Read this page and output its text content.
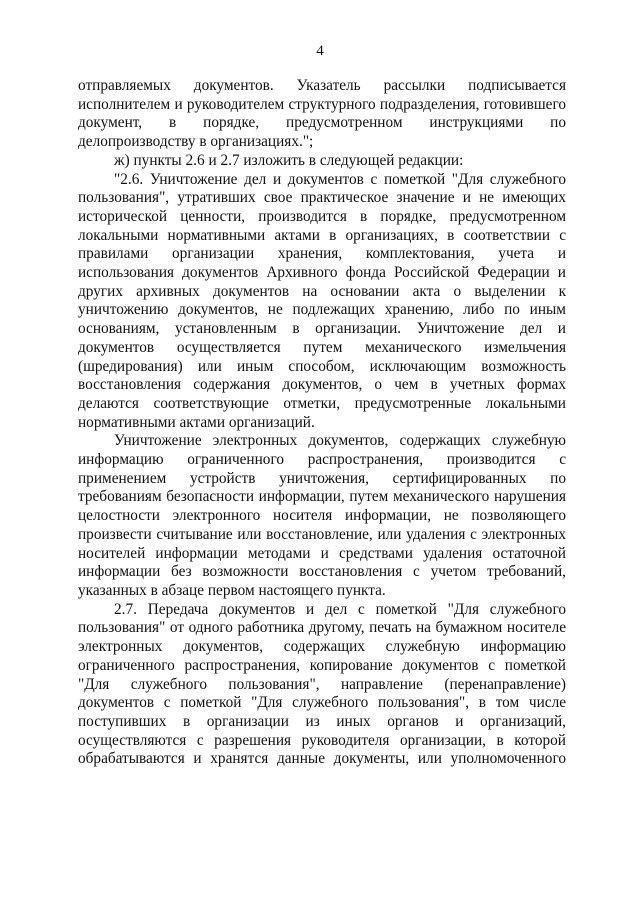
4

отправляемых документов. Указатель рассылки подписывается исполнителем и руководителем структурного подразделения, готовившего документ, в порядке, предусмотренном инструкциями по делопроизводству в организациях.";

ж) пункты 2.6 и 2.7 изложить в следующей редакции:

"2.6. Уничтожение дел и документов с пометкой "Для служебного пользования", утративших свое практическое значение и не имеющих исторической ценности, производится в порядке, предусмотренном локальными нормативными актами в организациях, в соответствии с правилами организации хранения, комплектования, учета и использования документов Архивного фонда Российской Федерации и других архивных документов на основании акта о выделении к уничтожению документов, не подлежащих хранению, либо по иным основаниям, установленным в организации. Уничтожение дел и документов осуществляется путем механического измельчения (шредирования) или иным способом, исключающим возможность восстановления содержания документов, о чем в учетных формах делаются соответствующие отметки, предусмотренные локальными нормативными актами организаций.

Уничтожение электронных документов, содержащих служебную информацию ограниченного распространения, производится с применением устройств уничтожения, сертифицированных по требованиям безопасности информации, путем механического нарушения целостности электронного носителя информации, не позволяющего произвести считывание или восстановление, или удаления с электронных носителей информации методами и средствами удаления остаточной информации без возможности восстановления с учетом требований, указанных в абзаце первом настоящего пункта.

2.7. Передача документов и дел с пометкой "Для служебного пользования" от одного работника другому, печать на бумажном носителе электронных документов, содержащих служебную информацию ограниченного распространения, копирование документов с пометкой "Для служебного пользования", направление (перенаправление) документов с пометкой "Для служебного пользования", в том числе поступивших в организации из иных органов и организаций, осуществляются с разрешения руководителя организации, в которой обрабатываются и хранятся данные документы, или уполномоченного
